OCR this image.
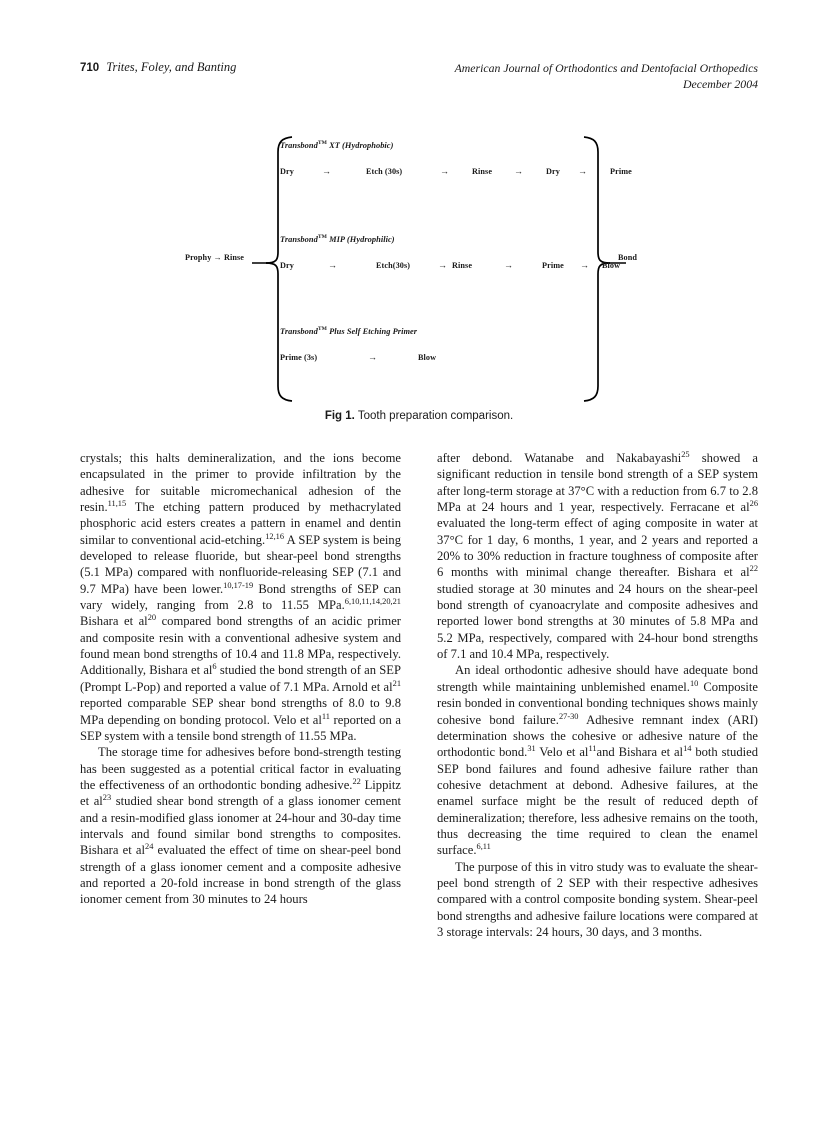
710 Trites, Foley, and Banting	American Journal of Orthodontics and Dentofacial Orthopedics
December 2004
Prophy → Rinse	Bond
Transbond™ XT (Hydrophobic)
Dry	→	Etch (30s)	→	Rinse	→	Dry	→	Prime
Transbond™ MIP (Hydrophilic)
Dry	→	Etch(30s)	→ Rinse	→	Prime	→	Blow
Transbond™ Plus Self Etching Primer
Prime (3s)	→	Blow
Fig 1. Tooth preparation comparison.

crystals; this halts demineralization, and the ions become encapsulated in the primer to provide infiltration by the adhesive for suitable micromechanical adhesion of the resin.$^{11,15}$ The etching pattern produced by methacrylated phosphoric acid esters creates a pattern in enamel and dentin similar to conventional acid-etching.$^{12,16}$ A SEP system is being developed to release fluoride, but shear-peel bond strengths (5.1 MPa) compared with nonfluoride-releasing SEP (7.1 and 9.7 MPa) have been lower.$^{10,17-19}$ Bond strengths of SEP can vary widely, ranging from 2.8 to 11.55 MPa.$^{6,10,11,14,20,21}$ Bishara et $al^{20}$ compared bond strengths of an acidic primer and composite resin with a conventional adhesive system and found mean bond strengths of 10.4 and 11.8 MPa, respectively. Additionally, Bishara et $al^6$ studied the bond strength of an SEP (Prompt L-Pop) and reported a value of 7.1 MPa. Arnold et $al^{21}$ reported comparable SEP shear bond strengths of 8.0 to 9.8 MPa depending on bonding protocol. Velo et $al^{11}$ reported on a SEP system with a tensile bond strength of 11.55 MPa.

The storage time for adhesives before bond-strength testing has been suggested as a potential critical factor in evaluating the effectiveness of an orthodontic bonding adhesive.$^{22}$ Lippitz et $al^{23}$ studied shear bond strength of a glass ionomer cement and a resin-modified glass ionomer at 24-hour and 30-day time intervals and found similar bond strengths to composites. Bishara et $al^{24}$ evaluated the effect of time on shear-peel bond strength of a glass ionomer cement and a composite adhesive and reported a 20-fold increase in bond strength of the glass ionomer cement from 30 minutes to 24 hours

after debond. Watanabe and Nakabayashi$^{25}$ showed a significant reduction in tensile bond strength of a SEP system after long-term storage at 37°C with a reduction from 6.7 to 2.8 MPa at 24 hours and 1 year, respectively. Ferracane et $al^{26}$ evaluated the long-term effect of aging composite in water at 37°C for 1 day, 6 months, 1 year, and 2 years and reported a 20% to 30% reduction in fracture toughness of composite after 6 months with minimal change thereafter. Bishara et $al^{22}$ studied storage at 30 minutes and 24 hours on the shear-peel bond strength of cyanoacrylate and composite adhesives and reported lower bond strengths at 30 minutes of 5.8 MPa and 5.2 MPa, respectively, compared with 24-hour bond strengths of 7.1 and 10.4 MPa, respectively.

An ideal orthodontic adhesive should have adequate bond strength while maintaining unblemished enamel.$^{10}$ Composite resin bonded in conventional bonding techniques shows mainly cohesive bond failure.$^{27-30}$ Adhesive remnant index (ARI) determination shows the cohesive or adhesive nature of the orthodontic bond.$^{31}$ Velo et $al^{11}and$ Bishara et $al^{14}$ both studied SEP bond failures and found adhesive failure rather than cohesive detachment at debond. Adhesive failures, at the enamel surface might be the result of reduced depth of demineralization; therefore, less adhesive remains on the tooth, thus decreasing the time required to clean the enamel surface.$^{6,11}$

The purpose of this in vitro study was to evaluate the shear-peel bond strength of 2 SEP with their respective adhesives compared with a control composite bonding system. Shear-peel bond strengths and adhesive failure locations were compared at 3 storage intervals: 24 hours, 30 days, and 3 months.
